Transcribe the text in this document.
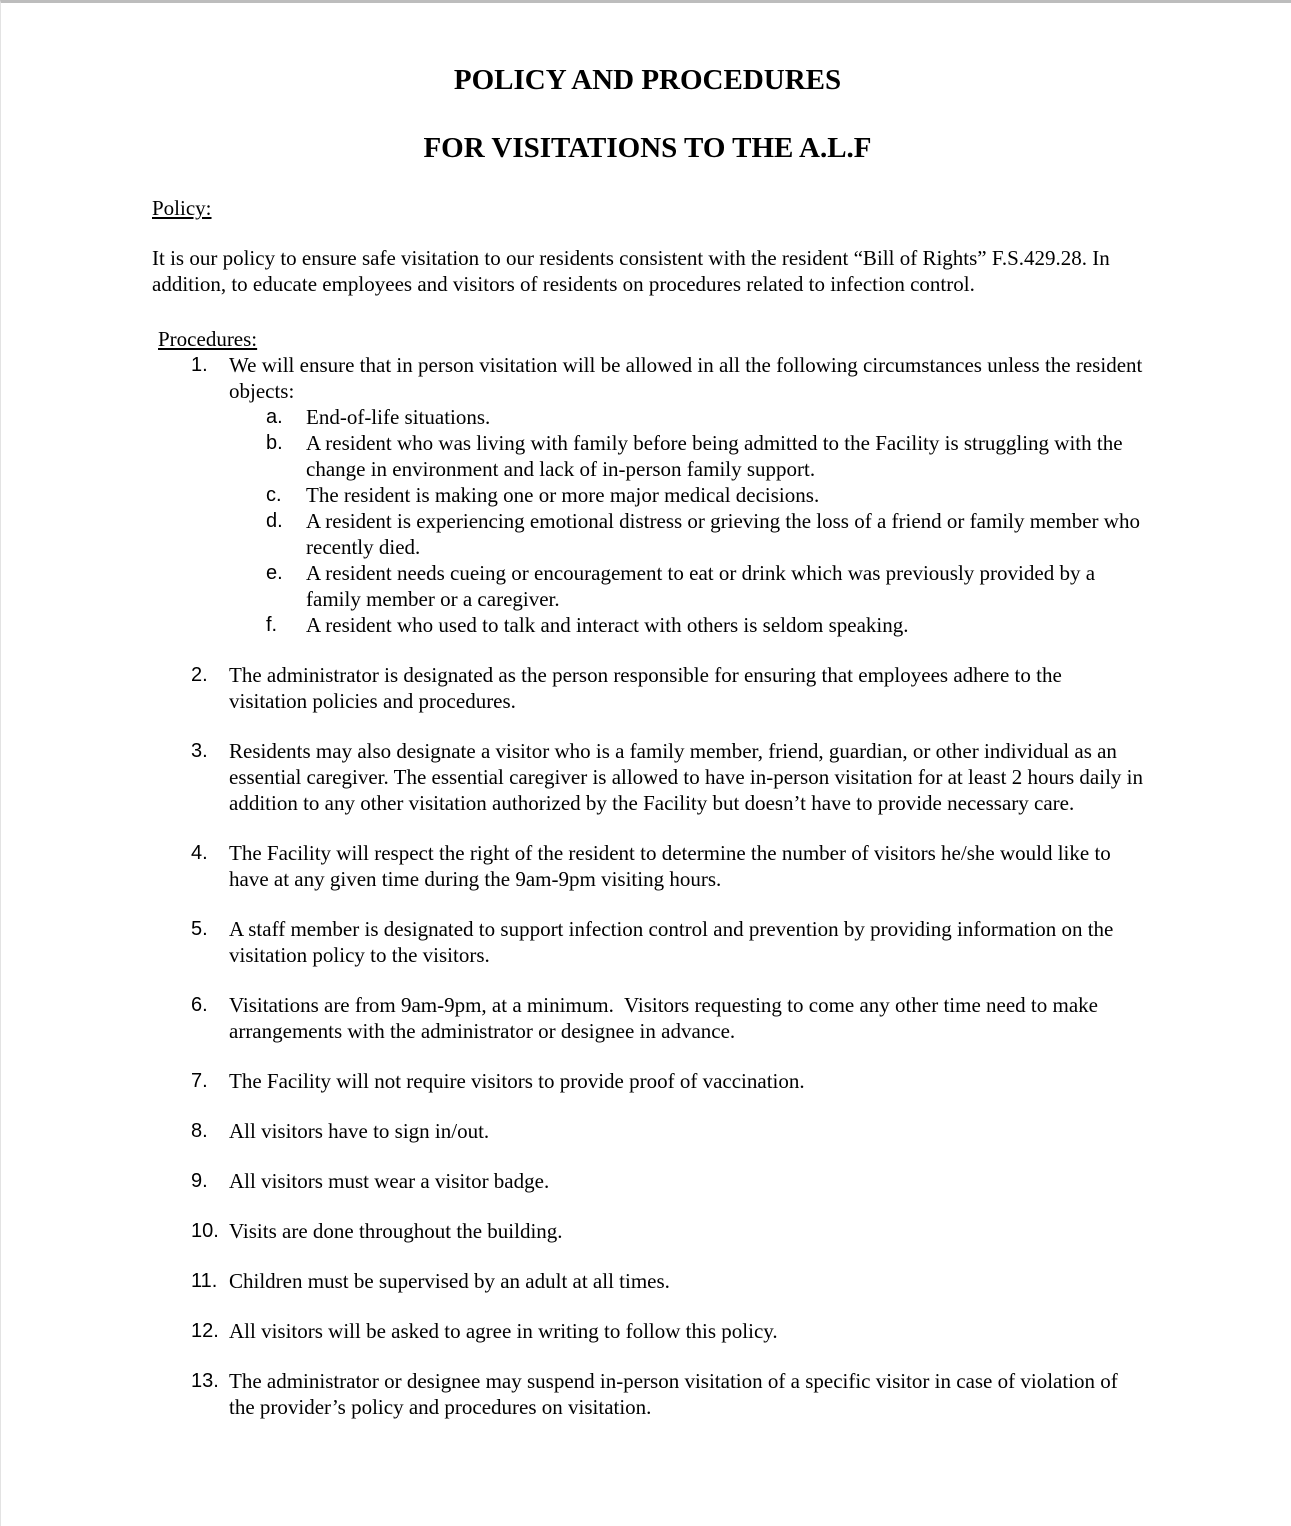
POLICY AND PROCEDURES
FOR VISITATIONS TO THE A.L.F
Policy:

It is our policy to ensure safe visitation to our residents consistent with the resident “Bill of Rights” F.S.429.28. In addition, to educate employees and visitors of residents on procedures related to infection control.

Procedures:
1.	We will ensure that in person visitation will be allowed in all the following circumstances unless the resident objects:

a.	End-of-life situations.

b.	A resident who was living with family before being admitted to the Facility is struggling with the change in environment and lack of in-person family support.

c.	The resident is making one or more major medical decisions.

d.	A resident is experiencing emotional distress or grieving the loss of a friend or family member who recently died.

e.	A resident needs cueing or encouragement to eat or drink which was previously provided by a family member or a caregiver.

f.	A resident who used to talk and interact with others is seldom speaking.

2.	The administrator is designated as the person responsible for ensuring that employees adhere to the visitation policies and procedures.

3.	Residents may also designate a visitor who is a family member, friend, guardian, or other individual as an essential caregiver. The essential caregiver is allowed to have in-person visitation for at least 2 hours daily in addition to any other visitation authorized by the Facility but doesn’t have to provide necessary care.

4.	The Facility will respect the right of the resident to determine the number of visitors he/she would like to have at any given time during the 9am-9pm visiting hours.

5.	A staff member is designated to support infection control and prevention by providing information on the visitation policy to the visitors.

6.	Visitations are from 9am-9pm, at a minimum.  Visitors requesting to come any other time need to make arrangements with the administrator or designee in advance.

7.	The Facility will not require visitors to provide proof of vaccination.

8.	All visitors have to sign in/out.

9.	All visitors must wear a visitor badge.

10. Visits are done throughout the building.

11. Children must be supervised by an adult at all times.

12. All visitors will be asked to agree in writing to follow this policy.

13. The administrator or designee may suspend in-person visitation of a specific visitor in case of violation of the provider’s policy and procedures on visitation.
